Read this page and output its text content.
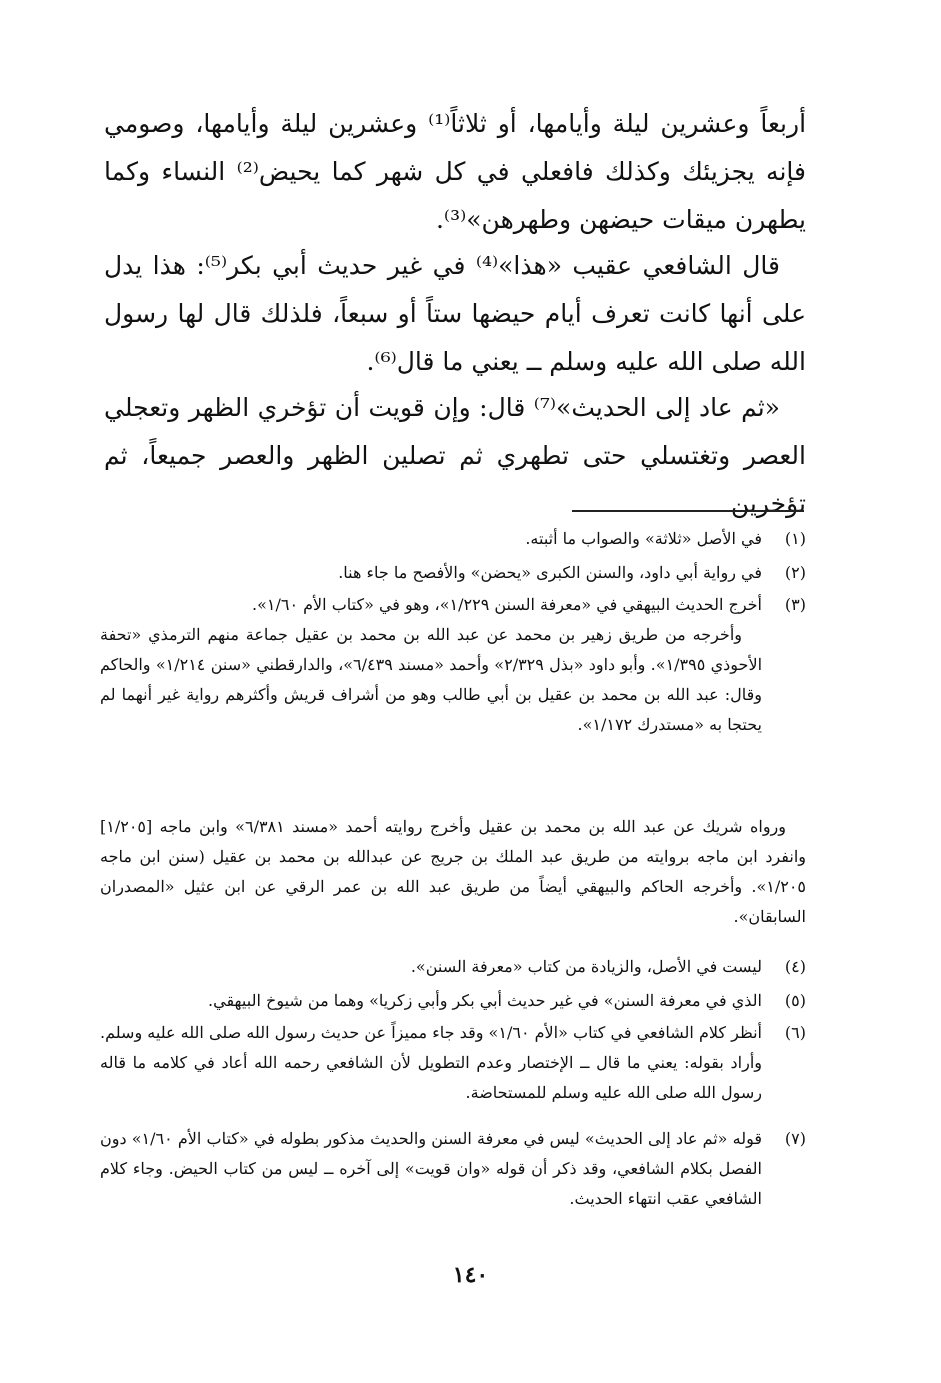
أربعاً وعشرين ليلة وأيامها، أو ثلاثاً⁽¹⁾ وعشرين ليلة وأيامها، وصومي فإنه يجزيئك وكذلك فافعلي في كل شهر كما يحيض⁽²⁾ النساء وكما يطهرن ميقات حيضهن وطهرهن»⁽³⁾.

قال الشافعي عقيب «هذا»⁽⁴⁾ في غير حديث أبي بكر⁽⁵⁾: هذا يدل على أنها كانت تعرف أيام حيضها ستاً أو سبعاً، فلذلك قال لها رسول الله صلى الله عليه وسلم ــ يعني ما قال⁽⁶⁾.

«ثم عاد إلى الحديث»⁽⁷⁾ قال: وإن قويت أن تؤخري الظهر وتعجلي العصر وتغتسلي حتى تطهري ثم تصلين الظهر والعصر جميعاً، ثم تؤخرين

(١)
في الأصل «ثلاثة» والصواب ما أثبته.
(٢)
في رواية أبي داود، والسنن الكبرى «يحضن» والأفصح ما جاء هنا.
(٣)
أخرج الحديث البيهقي في «معرفة السنن ١/٢٢٩»، وهو في «كتاب الأم ١/٦٠».
وأخرجه من طريق زهير بن محمد عن عبد الله بن محمد بن عقيل جماعة منهم الترمذي «تحفة الأحوذي ١/٣٩٥». وأبو داود «بذل ٢/٣٢٩» وأحمد «مسند ٦/٤٣٩»، والدارقطني «سنن ١/٢١٤» والحاكم وقال: عبد الله بن محمد بن عقيل بن أبي طالب وهو من أشراف قريش وأكثرهم رواية غير أنهما لم يحتجا به «مستدرك ١/١٧٢».
ورواه شريك عن عبد الله بن محمد بن عقيل وأخرج روايته أحمد «مسند ٦/٣٨١» وابن ماجه [١/٢٠٥] وانفرد ابن ماجه بروايته من طريق عبد الملك بن جريج عن عبدالله بن محمد بن عقيل (سنن ابن ماجه ١/٢٠٥». وأخرجه الحاكم والبيهقي أيضاً من طريق عبد الله بن عمر الرقي عن ابن عثيل «المصدران السابقان».
(٤)
ليست في الأصل، والزيادة من كتاب «معرفة السنن».
(٥)
الذي في معرفة السنن» في غير حديث أبي بكر وأبي زكريا» وهما من شيوخ البيهقي.
(٦)
أنظر كلام الشافعي في كتاب «الأم ١/٦٠» وقد جاء مميزاً عن حديث رسول الله صلى الله عليه وسلم. وأراد بقوله: يعني ما قال ــ الإختصار وعدم التطويل لأن الشافعي رحمه الله أعاد في كلامه ما قاله رسول الله صلى الله عليه وسلم للمستحاضة.
(٧)
قوله «ثم عاد إلى الحديث» ليس في معرفة السنن والحديث مذكور بطوله في «كتاب الأم ١/٦٠» دون الفصل بكلام الشافعي، وقد ذكر أن قوله «وان قويت» إلى آخره ــ ليس من كتاب الحيض. وجاء كلام الشافعي عقب انتهاء الحديث.
١٤٠
